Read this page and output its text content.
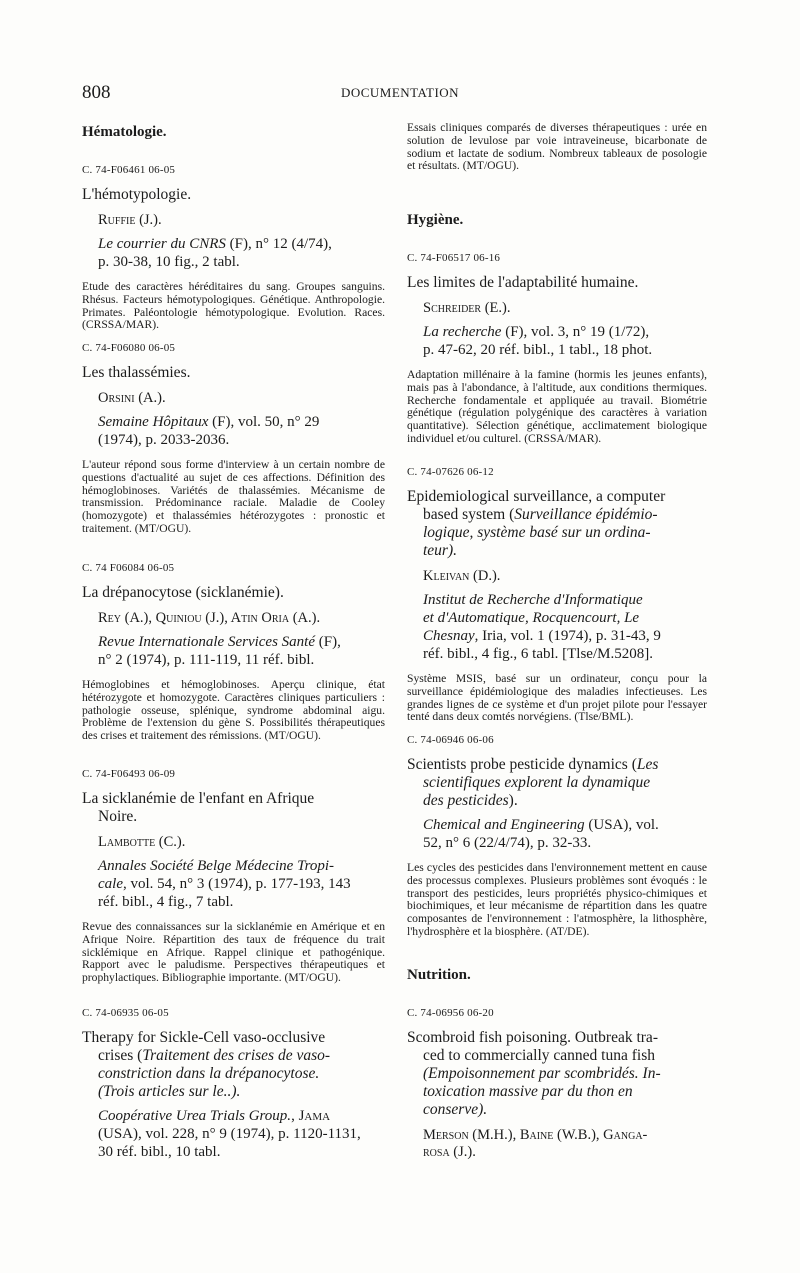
808	DOCUMENTATION
Hématologie.
C. 74-F06461 06-05
L'hémotypologie.
Ruffie (J.).
Le courrier du CNRS (F), n° 12 (4/74),
p. 30-38, 10 fig., 2 tabl.
Etude des caractères héréditaires du sang. Groupes sanguins. Rhésus. Facteurs hémotypologiques. Génétique. Anthropologie. Primates. Paléontologie hémotypologique. Evolution. Races. (CRSSA/MAR).
C. 74-F06080 06-05
Les thalassémies.
Orsini (A.).
Semaine Hôpitaux (F), vol. 50, n° 29
(1974), p. 2033-2036.
L'auteur répond sous forme d'interview à un certain nombre de questions d'actualité au sujet de ces affections. Définition des hémoglobinoses. Variétés de thalassémies. Mécanisme de transmission. Prédominance raciale. Maladie de Cooley (homozygote) et thalassémies hétérozygotes : pronostic et traitement. (MT/OGU).
C. 74 F06084 06-05
La drépanocytose (sicklanémie).
Rey (A.), Quiniou (J.), Atin Oria (A.).
Revue Internationale Services Santé (F),
n° 2 (1974), p. 111-119, 11 réf. bibl.
Hémoglobines et hémoglobinoses. Aperçu clinique, état hétérozygote et homozygote. Caractères cliniques particuliers : pathologie osseuse, splénique, syndrome abdominal aigu. Problème de l'extension du gène S. Possibilités thérapeutiques des crises et traitement des rémissions. (MT/OGU).
C. 74-F06493 06-09
La sicklanémie de l'enfant en Afrique
Noire.
Lambotte (C.).
Annales Société Belge Médecine Tropi-
cale, vol. 54, n° 3 (1974), p. 177-193, 143
réf. bibl., 4 fig., 7 tabl.
Revue des connaissances sur la sicklanémie en Amérique et en Afrique Noire. Répartition des taux de fréquence du trait sicklémique en Afrique. Rappel clinique et pathogénique. Rapport avec le paludisme. Perspectives thérapeutiques et prophylactiques. Bibliographie importante. (MT/OGU).
C. 74-06935 06-05
Therapy for Sickle-Cell vaso-occlusive
crises (Traitement des crises de vaso-
constriction dans la drépanocytose.
(Trois articles sur le..).
Coopérative Urea Trials Group., Jama
(USA), vol. 228, n° 9 (1974), p. 1120-1131,
30 réf. bibl., 10 tabl.
Essais cliniques comparés de diverses thérapeutiques : urée en solution de levulose par voie intraveineuse, bicarbonate de sodium et lactate de sodium. Nombreux tableaux de posologie et résultats. (MT/OGU).
Hygiène.
C. 74-F06517 06-16
Les limites de l'adaptabilité humaine.
Schreider (E.).
La recherche (F), vol. 3, n° 19 (1/72),
p. 47-62, 20 réf. bibl., 1 tabl., 18 phot.
Adaptation millénaire à la famine (hormis les jeunes enfants), mais pas à l'abondance, à l'altitude, aux conditions thermiques. Recherche fondamentale et appliquée au travail. Biométrie génétique (régulation polygénique des caractères à variation quantitative). Sélection génétique, acclimatement biologique individuel et/ou culturel. (CRSSA/MAR).
C. 74-07626 06-12
Epidemiological surveillance, a computer
based system (Surveillance épidémio-
logique, système basé sur un ordina-
teur).
Kleivan (D.).
Institut de Recherche d'Informatique
et d'Automatique, Rocquencourt, Le
Chesnay, Iria, vol. 1 (1974), p. 31-43, 9
réf. bibl., 4 fig., 6 tabl. [Tlse/M.5208].
Système MSIS, basé sur un ordinateur, conçu pour la surveillance épidémiologique des maladies infectieuses. Les grandes lignes de ce système et d'un projet pilote pour l'essayer tenté dans deux comtés norvégiens. (Tlse/BML).
C. 74-06946 06-06
Scientists probe pesticide dynamics (Les
scientifiques explorent la dynamique
des pesticides).
Chemical and Engineering (USA), vol.
52, n° 6 (22/4/74), p. 32-33.
Les cycles des pesticides dans l'environnement mettent en cause des processus complexes. Plusieurs problèmes sont évoqués : le transport des pesticides, leurs propriétés physico-chimiques et biochimiques, et leur mécanisme de répartition dans les quatre composantes de l'environnement : l'atmosphère, la lithosphère, l'hydrosphère et la biosphère. (AT/DE).
Nutrition.
C. 74-06956 06-20
Scombroid fish poisoning. Outbreak tra-
ced to commercially canned tuna fish
(Empoisonnement par scombridés. In-
toxication massive par du thon en
conserve).
Merson (M.H.), Baine (W.B.), Ganga-
rosa (J.).
